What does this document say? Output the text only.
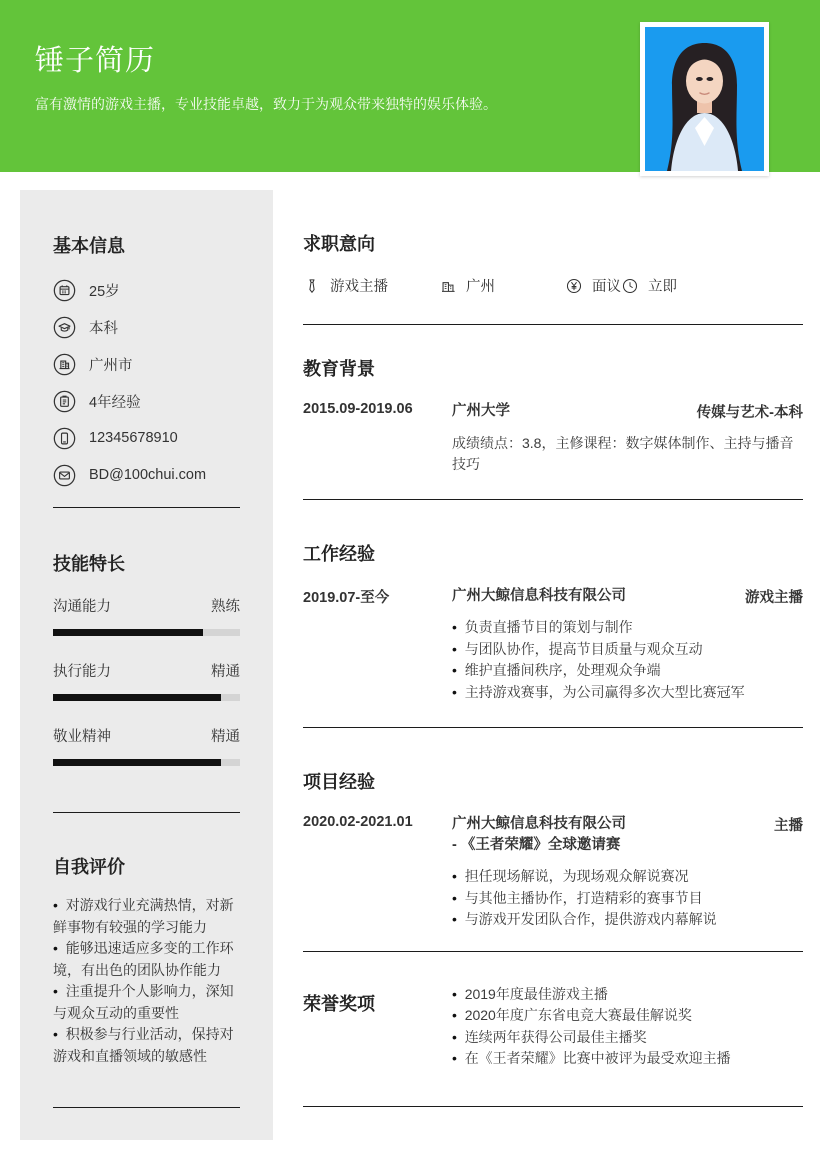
锤子简历
富有激情的游戏主播，专业技能卓越，致力于为观众带来独特的娱乐体验。
基本信息
25岁
本科
广州市
4年经验
12345678910
BD@100chui.com
技能特长
沟通能力	熟练
执行能力	精通
敬业精神	精通
自我评价
•  对游戏行业充满热情，对新鲜事物有较强的学习能力
•  能够迅速适应多变的工作环境，有出色的团队协作能力
•  注重提升个人影响力，深知与观众互动的重要性
•  积极参与行业活动，保持对游戏和直播领域的敏感性
求职意向
游戏主播	广州	面议 立即
教育背景
2015.09-2019.06	广州大学	传媒与艺术-本科
成绩绩点：3.8，主修课程：数字媒体制作、主持与播音技巧
工作经验
2019.07-至今	广州大鲸信息科技有限公司	游戏主播
•  负责直播节目的策划与制作
•  与团队协作，提高节目质量与观众互动
•  维护直播间秩序，处理观众争端
•  主持游戏赛事，为公司赢得多次大型比赛冠军
项目经验
2020.02-2021.01	广州大鲸信息科技有限公司
- 《王者荣耀》全球邀请赛
主播
•  担任现场解说，为现场观众解说赛况
•  与其他主播协作，打造精彩的赛事节目
•  与游戏开发团队合作，提供游戏内幕解说
荣誉奖项	•  2019年度最佳游戏主播
•  2020年度广东省电竞大赛最佳解说奖
•  连续两年获得公司最佳主播奖
•  在《王者荣耀》比赛中被评为最受欢迎主播
